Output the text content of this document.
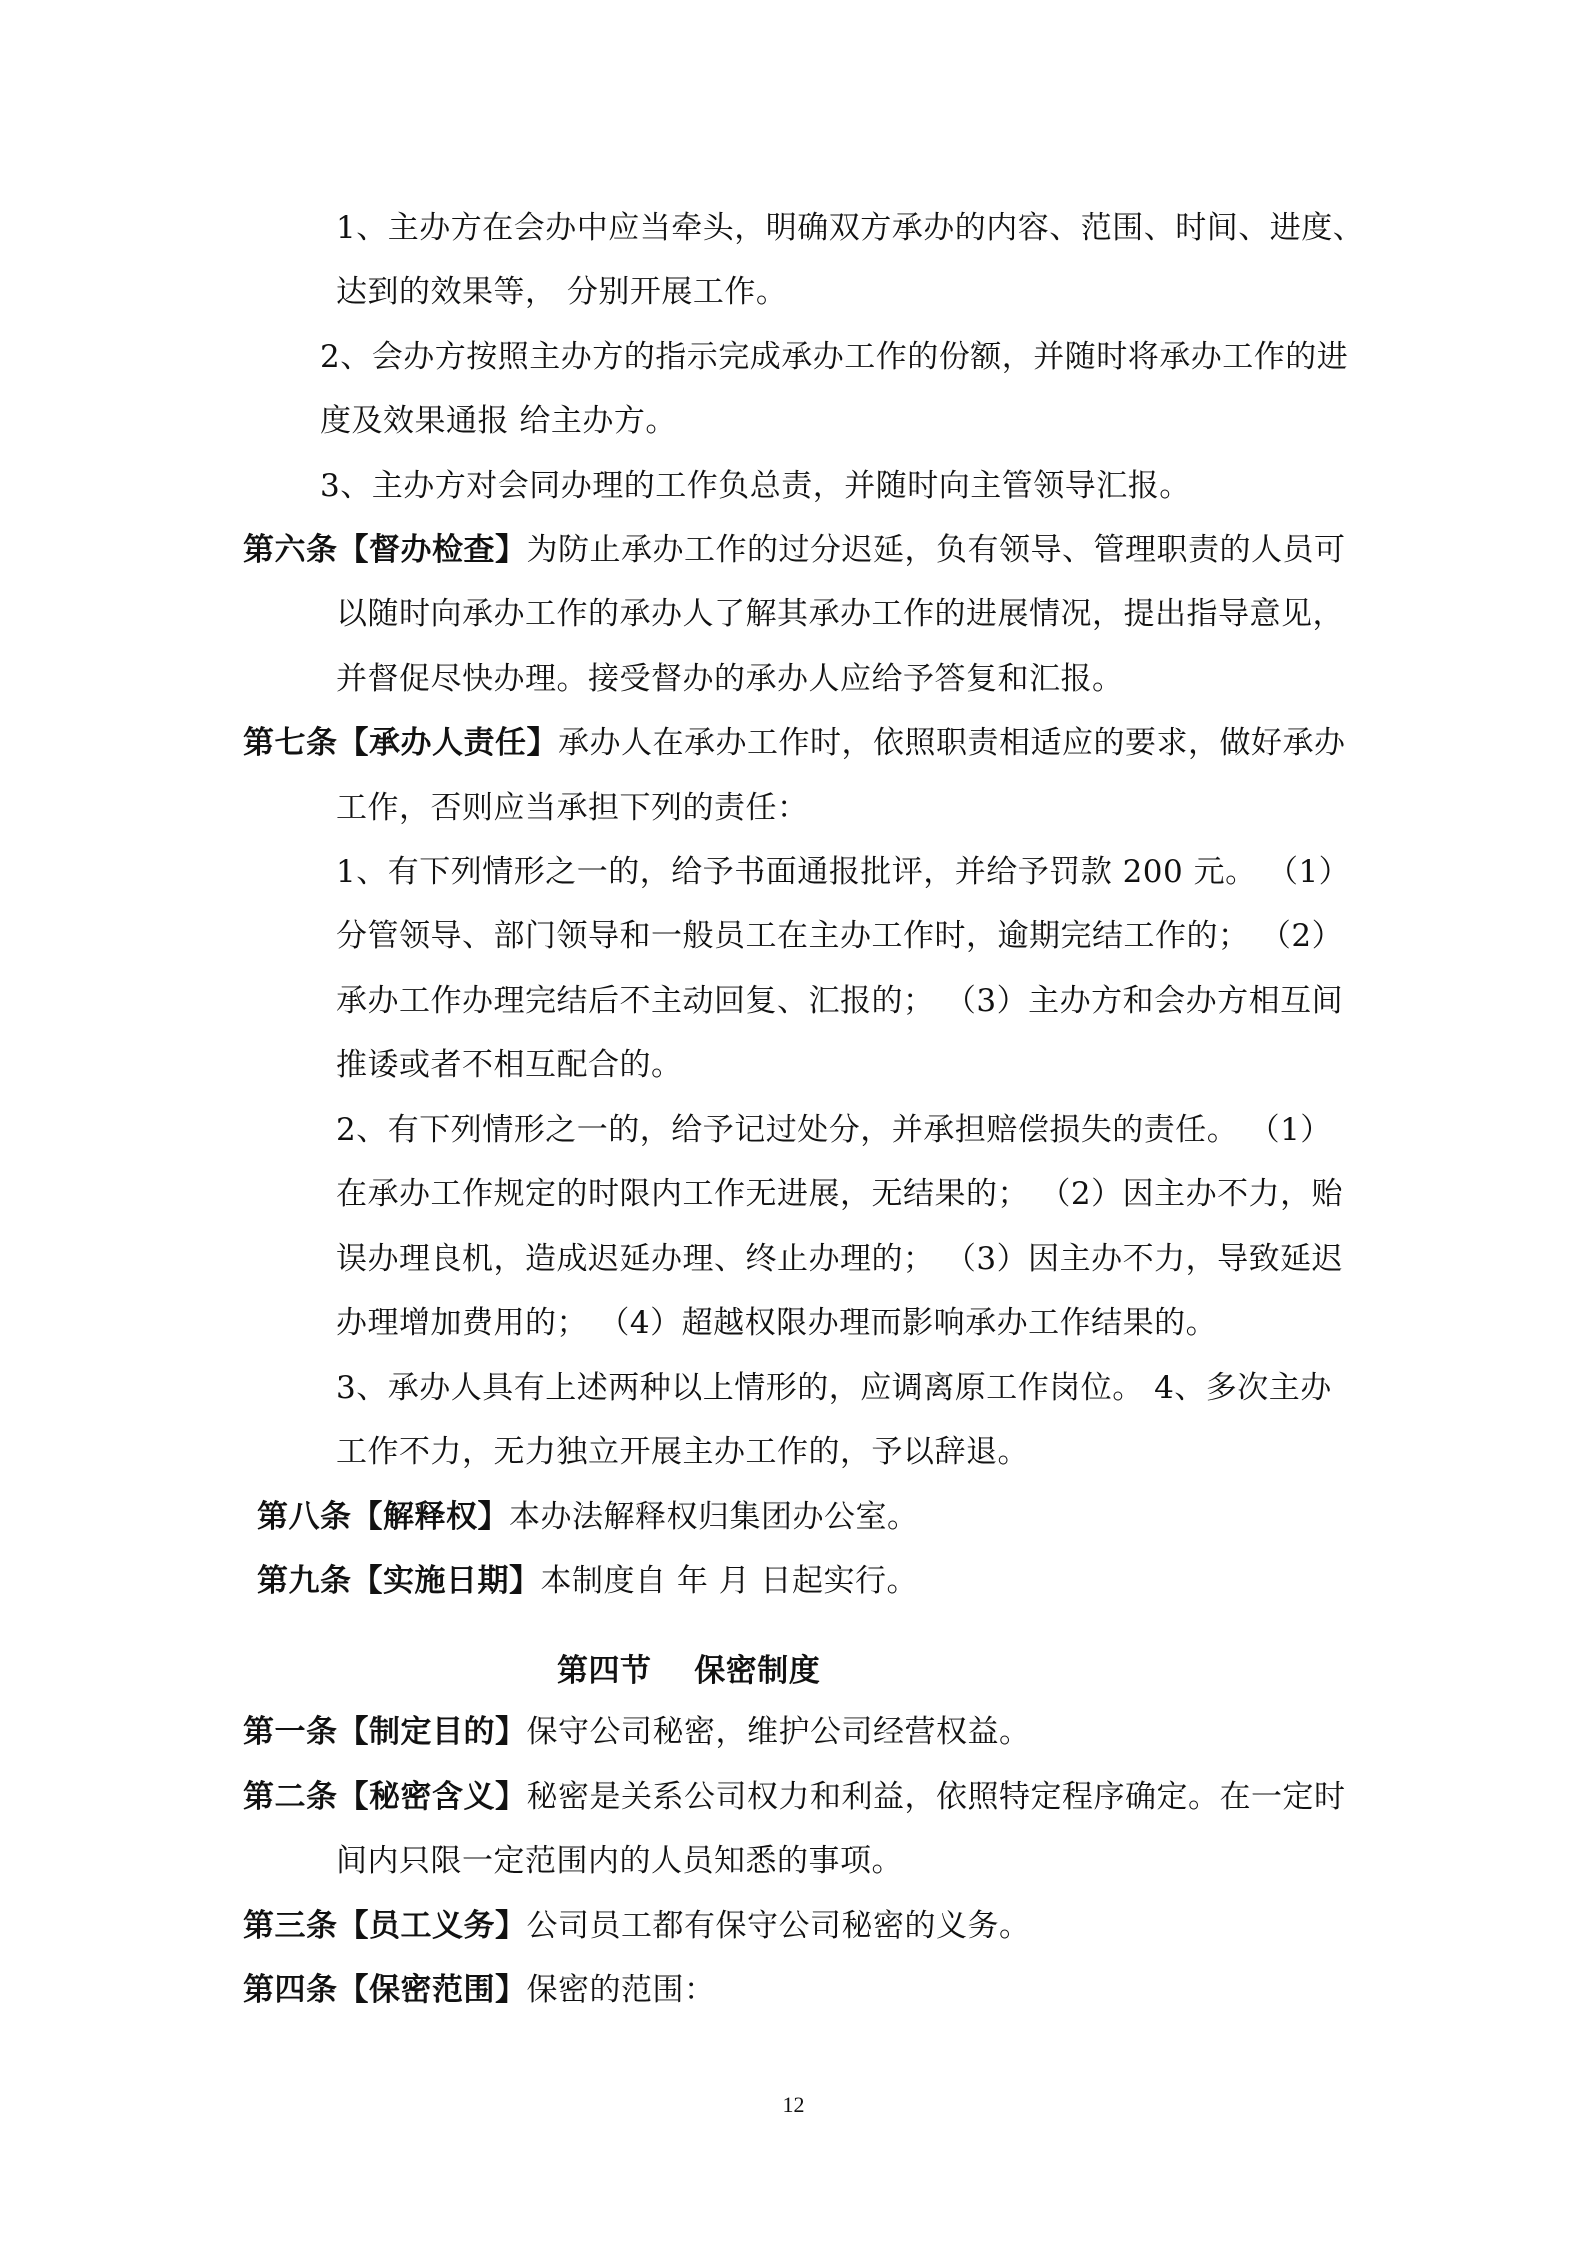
1、主办方在会办中应当牵头，明确双方承办的内容、范围、时间、进度、
达到的效果等， 分别开展工作。
2、会办方按照主办方的指示完成承办工作的份额，并随时将承办工作的进
度及效果通报 给主办方。
3、主办方对会同办理的工作负总责，并随时向主管领导汇报。
第六条【督办检查】为防止承办工作的过分迟延，负有领导、管理职责的人员可
以随时向承办工作的承办人了解其承办工作的进展情况，提出指导意见，
并督促尽快办理。接受督办的承办人应给予答复和汇报。
第七条【承办人责任】承办人在承办工作时，依照职责相适应的要求，做好承办
工作，否则应当承担下列的责任：
1、有下列情形之一的，给予书面通报批评，并给予罚款 200 元。 （1）
分管领导、部门领导和一般员工在主办工作时，逾期完结工作的； （2）
承办工作办理完结后不主动回复、汇报的； （3）主办方和会办方相互间
推诿或者不相互配合的。
2、有下列情形之一的，给予记过处分，并承担赔偿损失的责任。 （1）
在承办工作规定的时限内工作无进展，无结果的； （2）因主办不力，贻
误办理良机，造成迟延办理、终止办理的； （3）因主办不力，导致延迟
办理增加费用的； （4）超越权限办理而影响承办工作结果的。
3、承办人具有上述两种以上情形的，应调离原工作岗位。 4、多次主办
工作不力，无力独立开展主办工作的，予以辞退。
第八条【解释权】本办法解释权归集团办公室。
第九条【实施日期】本制度自 年 月 日起实行。
第四节　 保密制度
第一条【制定目的】保守公司秘密，维护公司经营权益。
第二条【秘密含义】秘密是关系公司权力和利益，依照特定程序确定。在一定时
间内只限一定范围内的人员知悉的事项。
第三条【员工义务】公司员工都有保守公司秘密的义务。
第四条【保密范围】保密的范围：
12
